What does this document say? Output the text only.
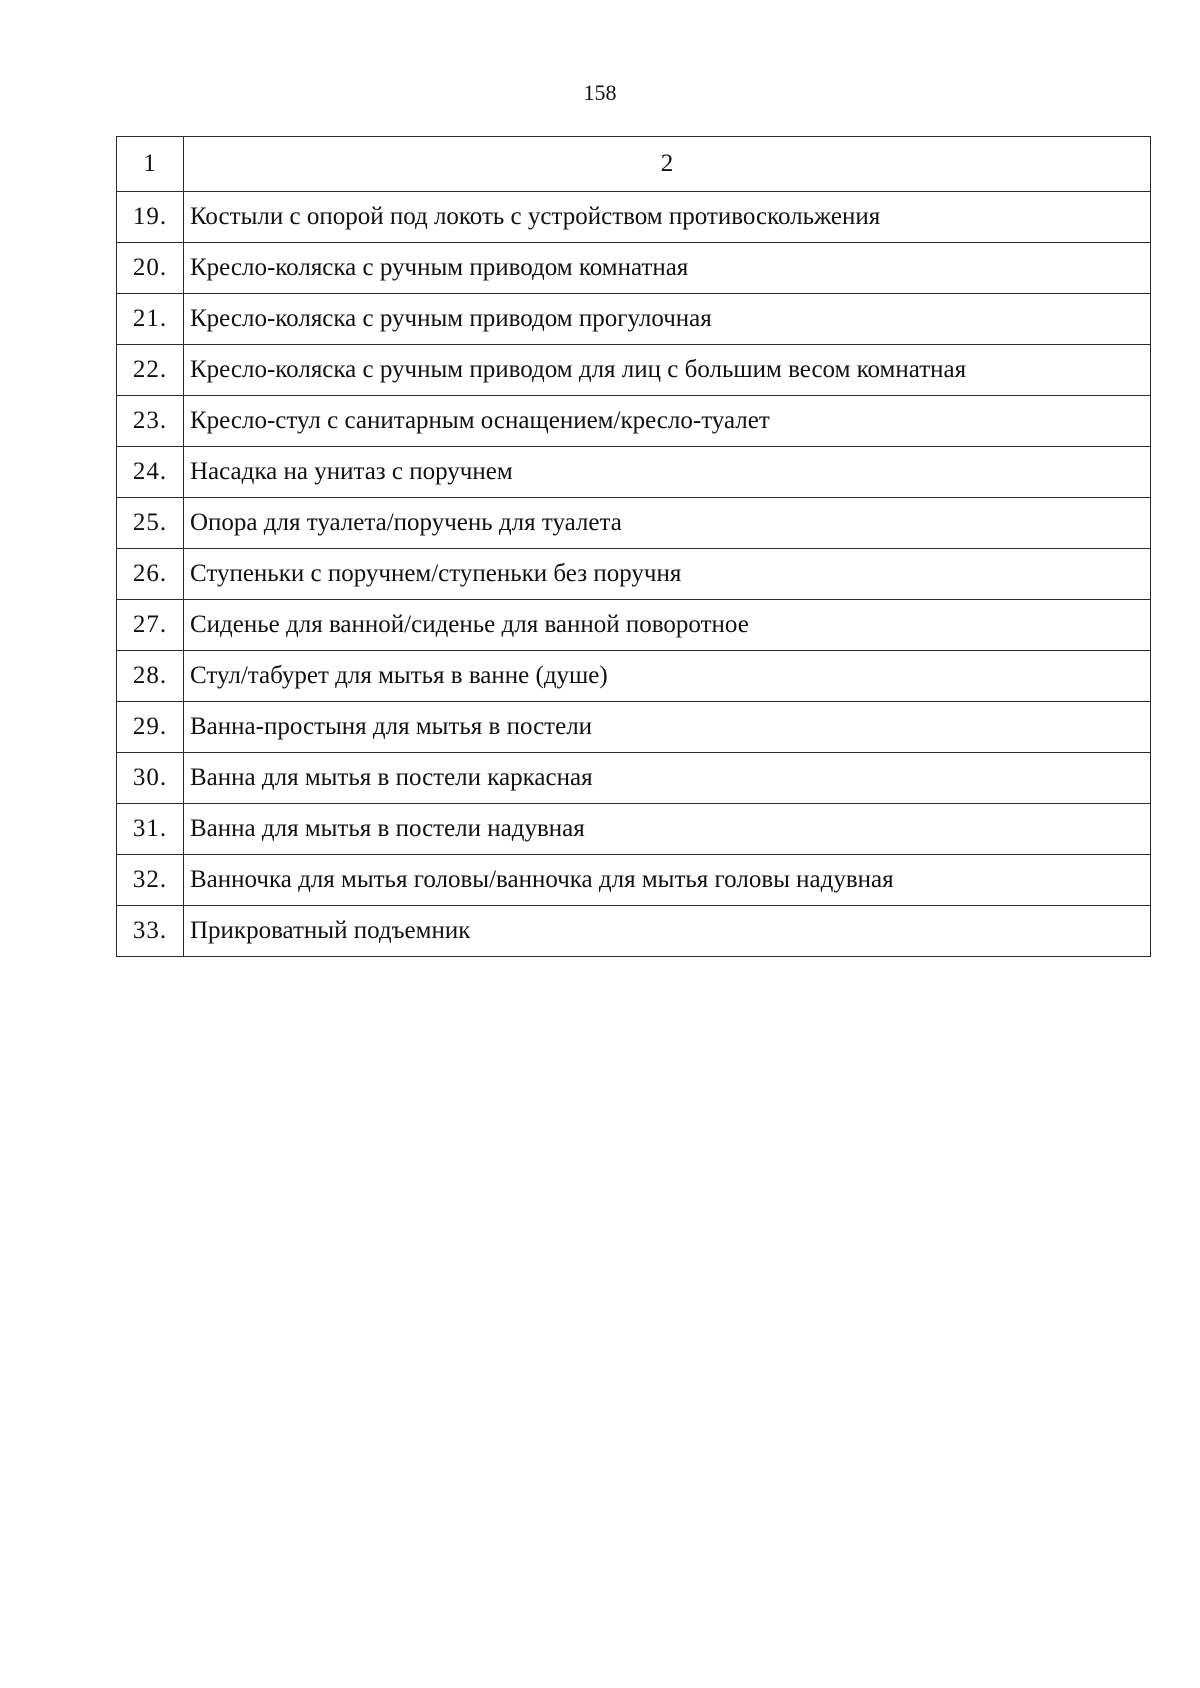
158
1	2
19.	Костыли с опорой под локоть с устройством противоскольжения
20.	Кресло-коляска с ручным приводом комнатная
21.	Кресло-коляска с ручным приводом прогулочная
22.	Кресло-коляска с ручным приводом для лиц с большим весом комнатная
23.	Кресло-стул с санитарным оснащением/кресло-туалет
24.	Насадка на унитаз с поручнем
25.	Опора для туалета/поручень для туалета
26.	Ступеньки с поручнем/ступеньки без поручня
27.	Сиденье для ванной/сиденье для ванной поворотное
28.	Стул/табурет для мытья в ванне (душе)
29.	Ванна-простыня для мытья в постели
30.	Ванна для мытья в постели каркасная
31.	Ванна для мытья в постели надувная
32.	Ванночка для мытья головы/ванночка для мытья головы надувная
33.	Прикроватный подъемник
